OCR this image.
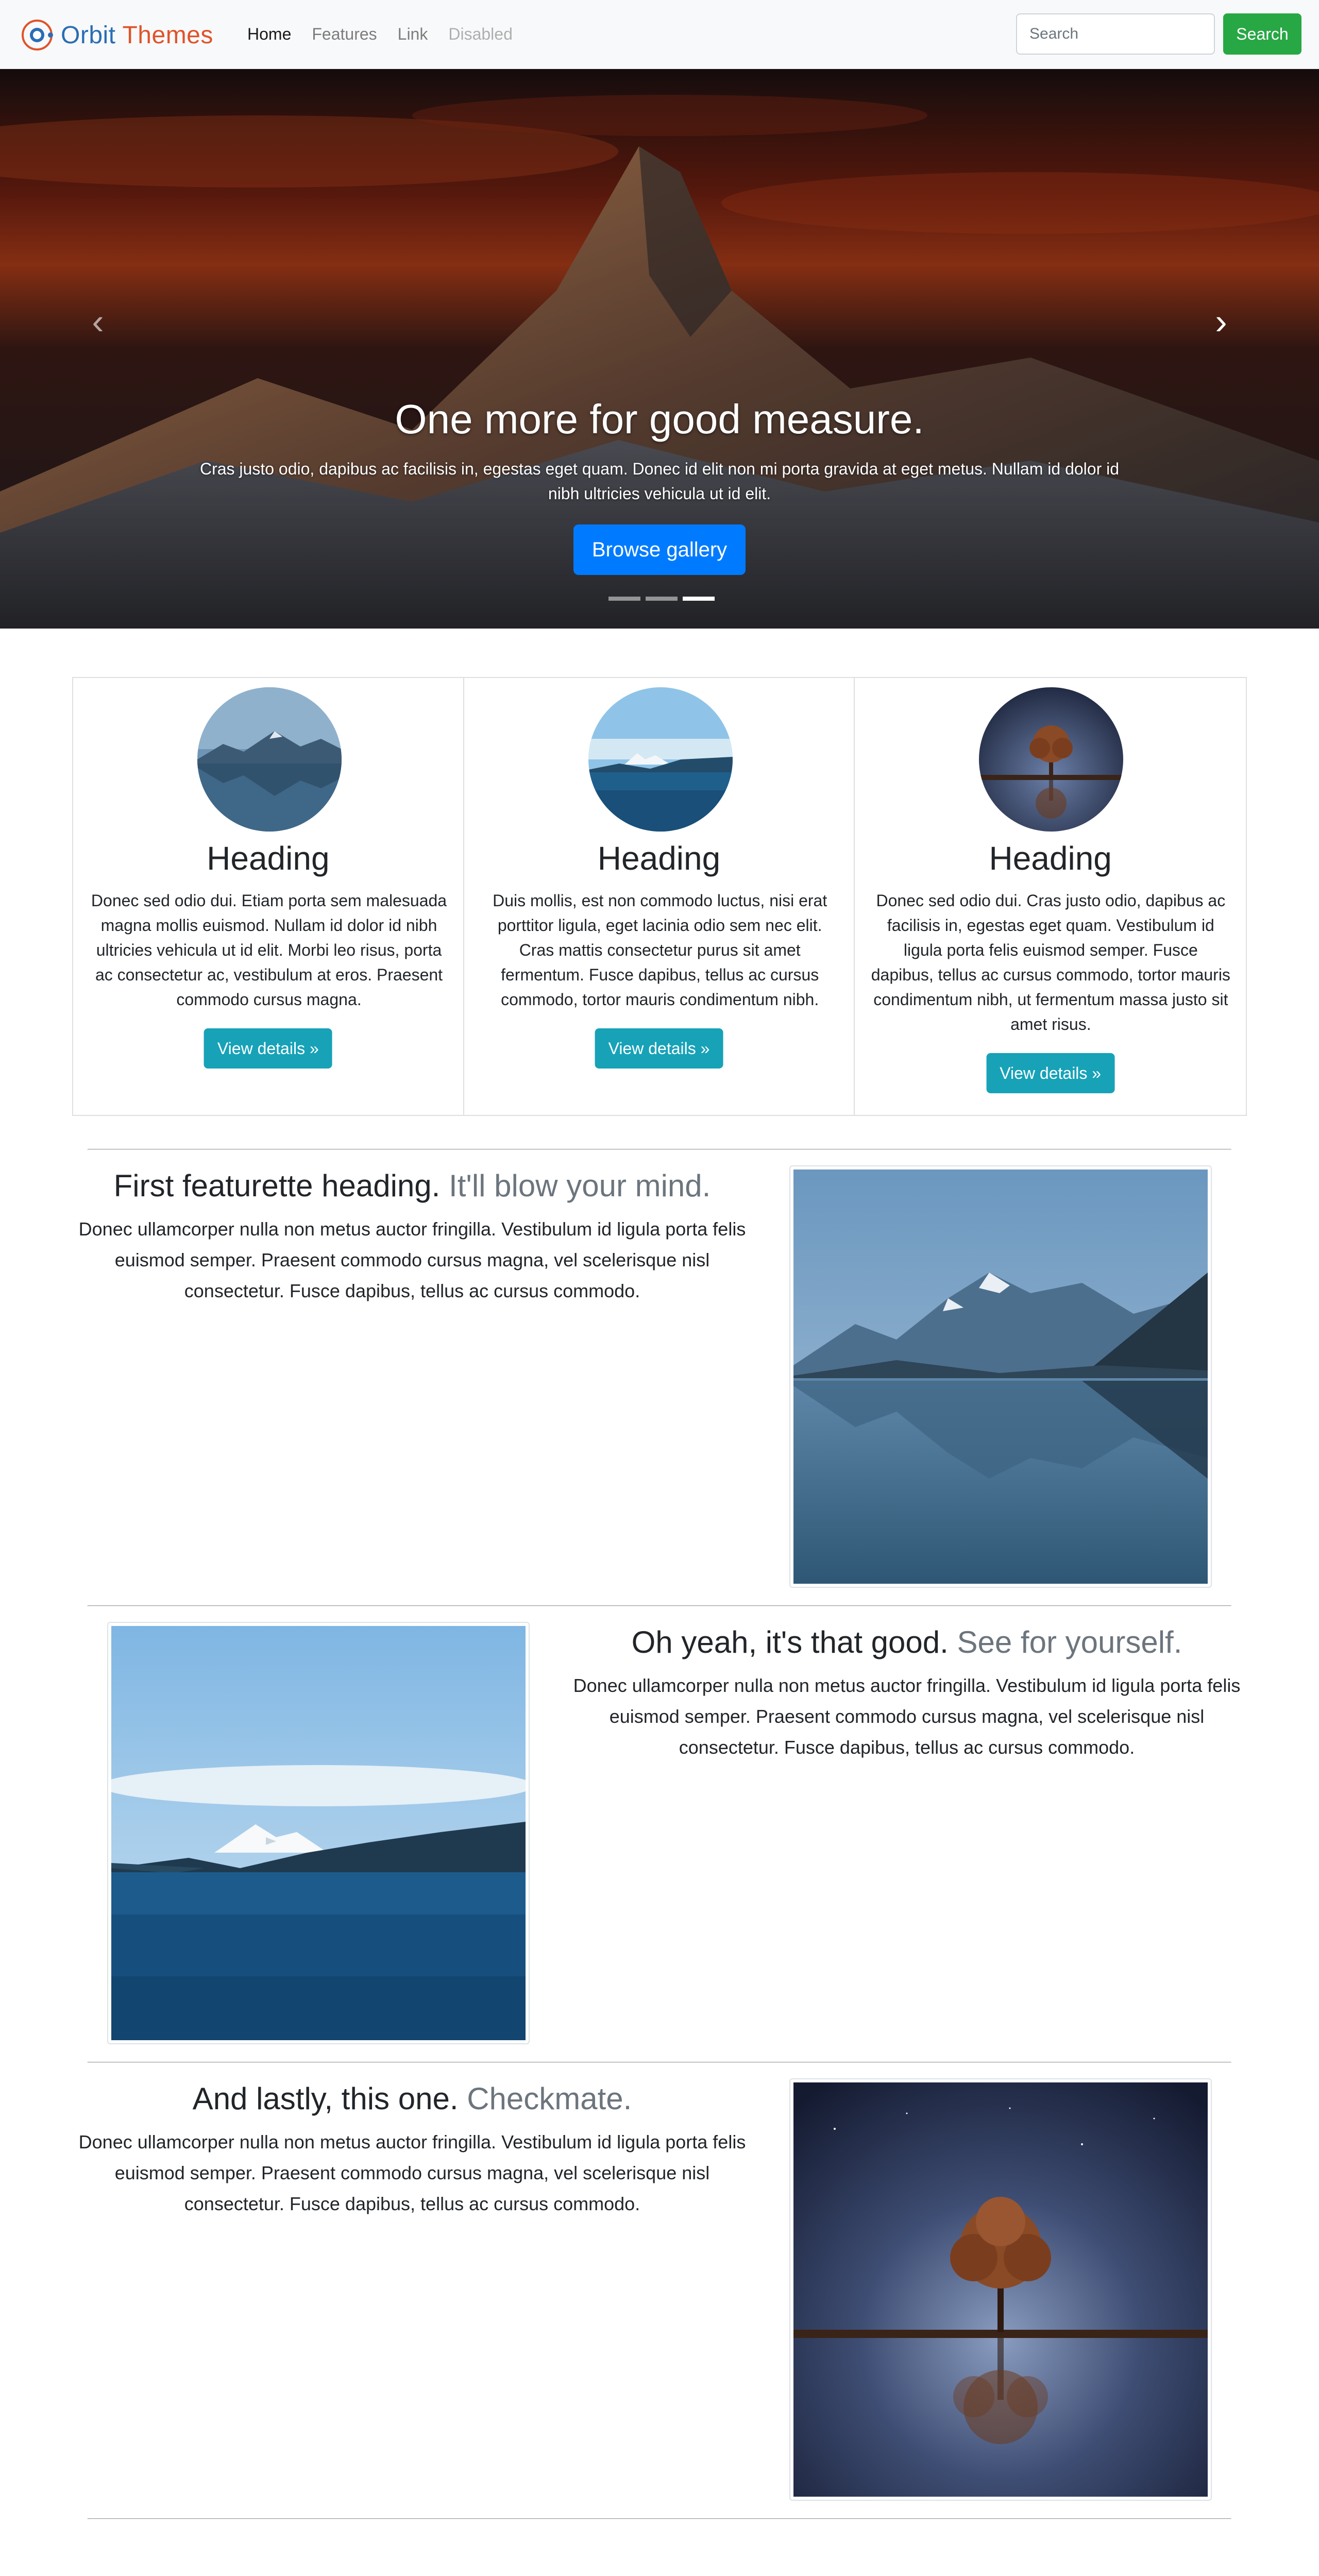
Orbit Themes Home Features Link Disabled
Search	Search
‹	›
One more for good measure.

Cras justo odio, dapibus ac facilisis in, egestas eget quam. Donec id elit non mi porta gravida at eget metus. Nullam id dolor id nibh ultricies vehicula ut id elit.

Browse gallery
Heading

Donec sed odio dui. Etiam porta sem malesuada magna mollis euismod. Nullam id dolor id nibh ultricies vehicula ut id elit. Morbi leo risus, porta ac consectetur ac, vestibulum at eros. Praesent commodo cursus magna.

View details »
Heading

Duis mollis, est non commodo luctus, nisi erat porttitor ligula, eget lacinia odio sem nec elit. Cras mattis consectetur purus sit amet fermentum. Fusce dapibus, tellus ac cursus commodo, tortor mauris condimentum nibh.

View details »
Heading

Donec sed odio dui. Cras justo odio, dapibus ac facilisis in, egestas eget quam. Vestibulum id ligula porta felis euismod semper. Fusce dapibus, tellus ac cursus commodo, tortor mauris condimentum nibh, ut fermentum massa justo sit amet risus.

View details »
First featurette heading. It'll blow your mind.

Donec ullamcorper nulla non metus auctor fringilla. Vestibulum id ligula porta felis euismod semper. Praesent commodo cursus magna, vel scelerisque nisl consectetur. Fusce dapibus, tellus ac cursus commodo.

Oh yeah, it's that good. See for yourself.

Donec ullamcorper nulla non metus auctor fringilla. Vestibulum id ligula porta felis euismod semper. Praesent commodo cursus magna, vel scelerisque nisl consectetur. Fusce dapibus, tellus ac cursus commodo.

And lastly, this one. Checkmate.

Donec ullamcorper nulla non metus auctor fringilla. Vestibulum id ligula porta felis euismod semper. Praesent commodo cursus magna, vel scelerisque nisl consectetur. Fusce dapibus, tellus ac cursus commodo.
